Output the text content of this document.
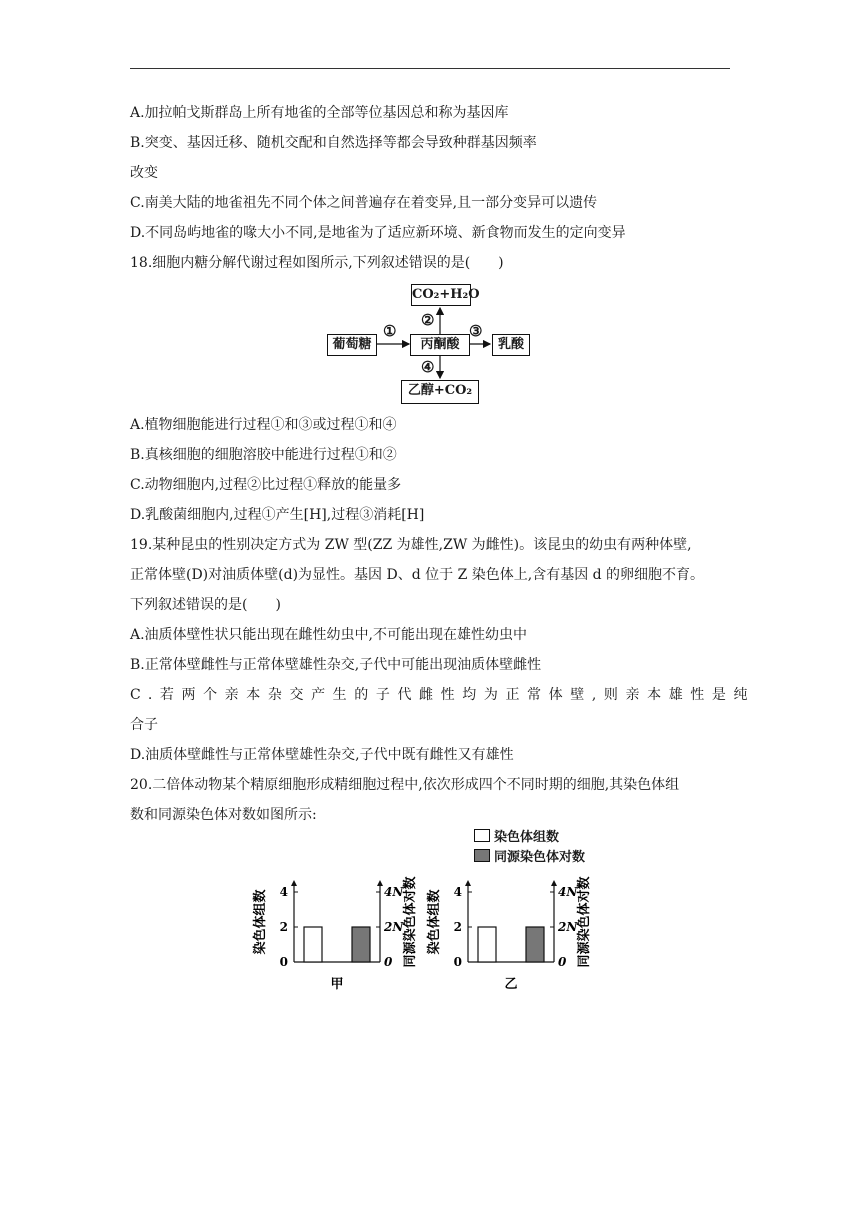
A.加拉帕戈斯群岛上所有地雀的全部等位基因总和称为基因库
B.突变、基因迁移、随机交配和自然选择等都会导致种群基因频率
改变
C.南美大陆的地雀祖先不同个体之间普遍存在着变异,且一部分变异可以遗传
D.不同岛屿地雀的喙大小不同,是地雀为了适应新环境、新食物而发生的定向变异
18.细胞内糖分解代谢过程如图所示,下列叙述错误的是(　　)
CO₂+H₂O
葡萄糖	丙酮酸	乳酸
乙醇+CO₂
①
②
③
④
A.植物细胞能进行过程①和③或过程①和④
B.真核细胞的细胞溶胶中能进行过程①和②
C.动物细胞内,过程②比过程①释放的能量多
D.乳酸菌细胞内,过程①产生[H],过程③消耗[H]
19.某种昆虫的性别决定方式为 ZW 型(ZZ 为雄性,ZW 为雌性)。该昆虫的幼虫有两种体壁,
正常体壁(D)对油质体壁(d)为显性。基因 D、d 位于 Z 染色体上,含有基因 d 的卵细胞不育。
下列叙述错误的是(　　)
A.油质体壁性状只能出现在雌性幼虫中,不可能出现在雄性幼虫中
B.正常体壁雌性与正常体壁雄性杂交,子代中可能出现油质体壁雌性
C.若两个亲本杂交产生的子代雌性均为正常体壁,则亲本雄性是纯
合子
D.油质体壁雌性与正常体壁雄性杂交,子代中既有雌性又有雄性
20.二倍体动物某个精原细胞形成精细胞过程中,依次形成四个不同时期的细胞,其染色体组
数和同源染色体对数如图所示:
染色体组数
同源染色体对数
0	0
2	2N
4	4N
染色体组数	同源染色体对数
甲
0	0
2	2N
4	4N
染色体组数	同源染色体对数
乙
